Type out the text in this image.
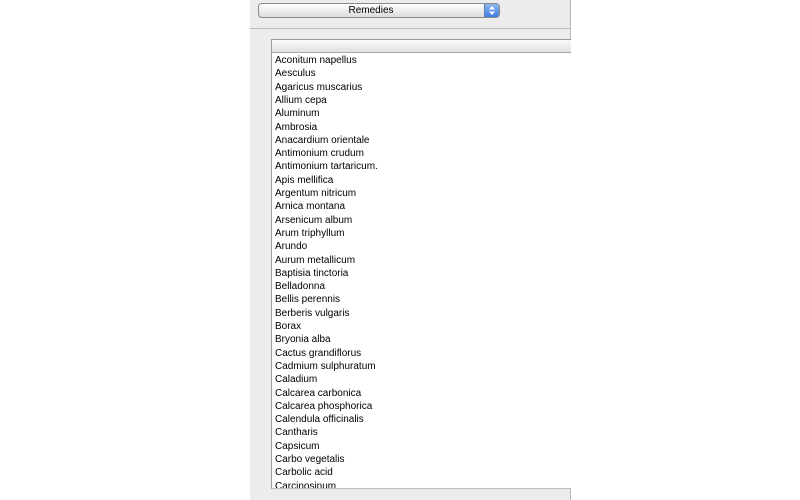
Remedies
Aconitum napellus
Aesculus
Agaricus muscarius
Allium cepa
Aluminum
Ambrosia
Anacardium orientale
Antimonium crudum
Antimonium tartaricum.
Apis mellifica
Argentum nitricum
Arnica montana
Arsenicum album
Arum triphyllum
Arundo
Aurum metallicum
Baptisia tinctoria
Belladonna
Bellis perennis
Berberis vulgaris
Borax
Bryonia alba
Cactus grandiflorus
Cadmium sulphuratum
Caladium
Calcarea carbonica
Calcarea phosphorica
Calendula officinalis
Cantharis
Capsicum
Carbo vegetalis
Carbolic acid
Carcinosinum
